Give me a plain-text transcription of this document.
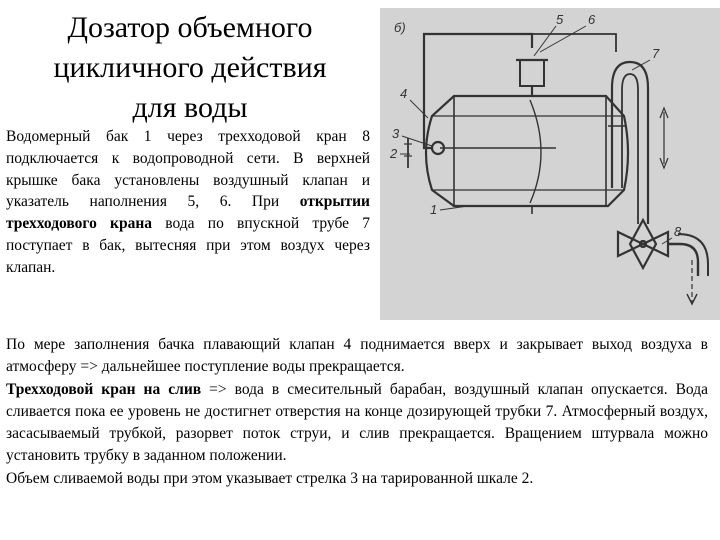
Дозатор объемного
цикличного действия
для воды
Водомерный бак 1 через трехходовой кран 8 подключается к водопроводной сети. В верхней крышке бака установлены воздушный клапан и указатель наполнения 5, 6. При открытии трехходового крана вода по впускной трубе 7 поступает в бак, вытесняя при этом воздух через клапан.
б)
5 6
7
4
3
2
1
8

По мере заполнения бачка плавающий клапан 4 поднимается вверх и закрывает выход воздуха в атмосферу => дальнейшее поступление воды прекращается.

Трехходовой кран на слив => вода в смесительный барабан, воздушный клапан опускается. Вода сливается пока ее уровень не достигнет отверстия на конце дозирующей трубки 7. Атмосферный воздух, засасываемый трубкой, разорвет поток струи, и слив прекращается. Вращением штурвала можно установить трубку в заданном положении.

Объем сливаемой воды при этом указывает стрелка 3 на тарированной шкале 2.
